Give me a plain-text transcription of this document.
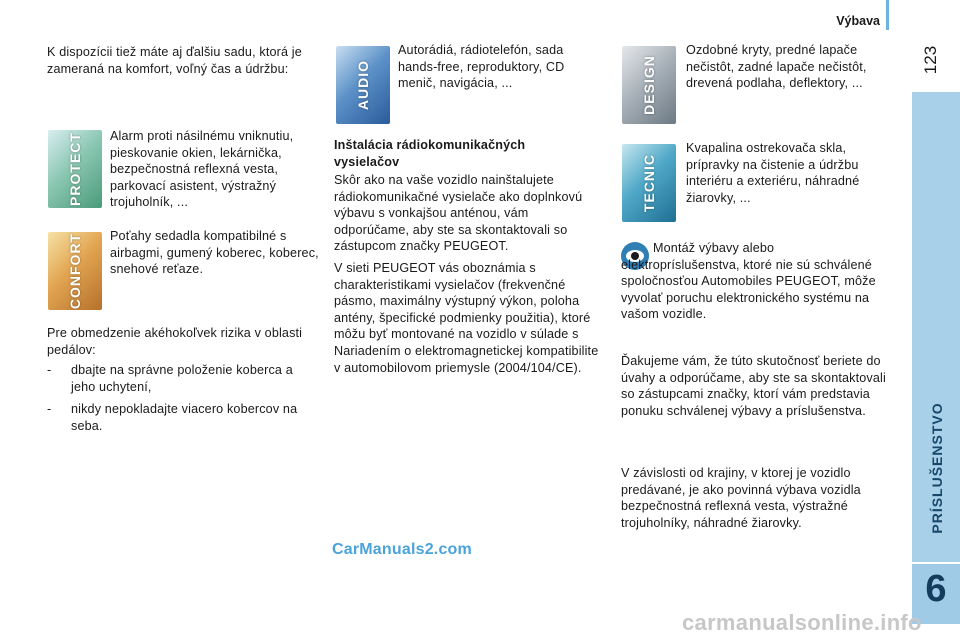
Výbava
123
PRÍSLUŠENSTVO
6
K dispozícii tiež máte aj ďalšiu sadu, ktorá je zameraná na komfort, voľný čas a údržbu:
PROTECT Alarm proti násilnému vniknutiu, pieskovanie okien, lekárnička, bezpečnostná reflexná vesta, parkovací asistent, výstražný trojuholník, ...
CONFORT Poťahy sedadla kompatibilné s airbagmi, gumený koberec, koberec, snehové reťaze.
Pre obmedzenie akéhokoľvek rizika v oblasti pedálov:
- dbajte na správne položenie koberca a jeho uchytení,
- nikdy nepokladajte viacero kobercov na seba.
AUDIO
Autorádiá, rádiotelefón, sada hands-free, reproduktory, CD menič, navigácia, ...
Inštalácia rádiokomunikačných vysielačov
Skôr ako na vaše vozidlo nainštalujete rádiokomunikačné vysielače ako doplnkovú výbavu s vonkajšou anténou, vám odporúčame, aby ste sa skontaktovali so zástupcom značky PEUGEOT.
V sieti PEUGEOT vás oboznámia s charakteristikami vysielačov (frekvenčné pásmo, maximálny výstupný výkon, poloha antény, špecifické podmienky použitia), ktoré môžu byť montované na vozidlo v súlade s Nariadením o elektromagnetickej kompatibilite v automobilovom priemysle (2004/104/CE).
DESIGN
Ozdobné kryty, predné lapače nečistôt, zadné lapače nečistôt, drevená podlaha, deflektory, ...
TECNIC
Kvapalina ostrekovača skla, prípravky na čistenie a údržbu interiéru a exteriéru, náhradné žiarovky, ...
Montáž výbavy alebo elektropríslušenstva, ktoré nie sú schválené spoločnosťou Automobiles PEUGEOT, môže vyvolať poruchu elektronického systému na vašom vozidle.
Ďakujeme vám, že túto skutočnosť beriete do úvahy a odporúčame, aby ste sa skontaktovali so zástupcami značky, ktorí vám predstavia ponuku schválenej výbavy a príslušenstva.
V závislosti od krajiny, v ktorej je vozidlo predávané, je ako povinná výbava vozidla bezpečnostná reflexná vesta, výstražné trojuholníky, náhradné žiarovky.
CarManuals2.com
carmanualsonline.info
